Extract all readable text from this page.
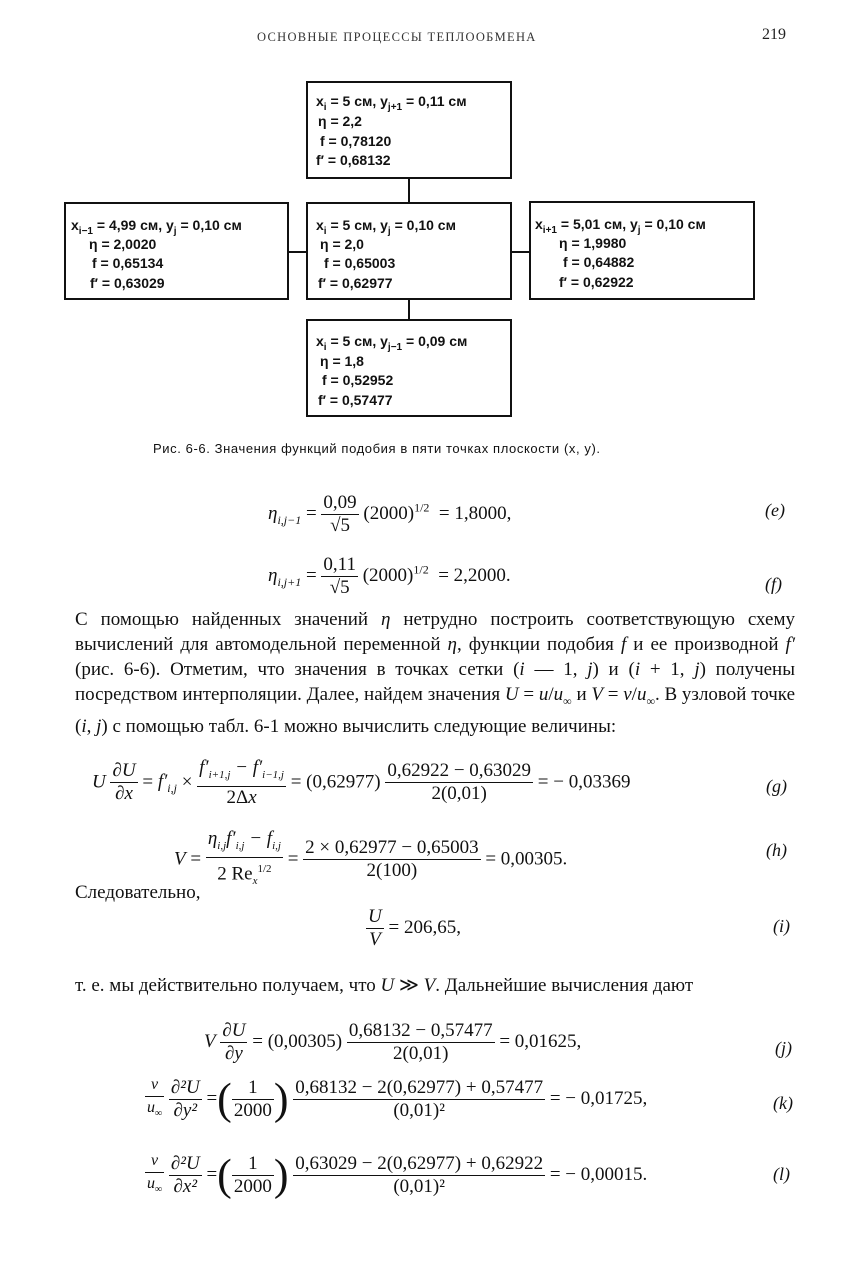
ОСНОВНЫЕ ПРОЦЕССЫ ТЕПЛООБМЕНА	219
$x_i = 5$ см, $y_{j+1} = 0,11$ см
η = 2,2
f = 0,78120
f′ = 0,68132
$x_{i-1} = 4,99$ см, $y_j = 0,10$ см
η = 2,0020
f = 0,65134
f′ = 0,63029
$x_i = 5$ см, $y_j = 0,10$ см
η = 2,0
f = 0,65003
f′ = 0,62977
$x_{i+1} = 5,01$ см, $y_j = 0,10$ см
η = 1,9980
f = 0,64882
f′ = 0,62922
$x_i = 5$ см, $y_{j-1} = 0,09$ см
η = 1,8
f = 0,52952
f′ = 0,57477
Рис. 6-6. Значения функций подобия в пяти точках плоскости (x, y).
$\eta_{i,j-1} = \frac{0,09}{√5} (2000)^{1/2} = 1,8000$,	(e)
$\eta_{i,j+1} = \frac{0,11}{√5} (2000)^{1/2} = 2,2000$.	(f)
С помощью найденных значений η нетрудно построить соответствующую схему вычислений для автомодельной переменной η, функции подобия f и ее производной f′ (рис. 6-6). Отметим, что значения в точках сетки (i — 1, j) и (i + 1, j) получены посредством интерполяции. Далее, найдем значения $U = u/u_\infty$ и $V = v/u_\infty$. В узловой точке (i, j) с помощью табл. 6-1 можно вычислить следующие величины:
U $\frac{\partial U}{\partial x} = f'_{i,j} \times \frac{f'_{i+1,j} - f'_{i-1,j}}{2\Delta x} = (0,62977) \frac{0,62922 - 0,63029}{2(0,01)}$ = − 0,03369	(g)
$V = \frac{\eta_{i,j}f'_{i,j} - f_{i,j}}{2 Re_x^{1/2}} = \frac{2 \times 0,62977 - 0,65003}{2(100)} = 0,00305$.	(h)
Следовательно,
$\frac{U}{V} = 206,65$,	(i)
т. е. мы действительно получаем, что U ≫ V. Дальнейшие вычисления дают
V $\frac{\partial U}{\partial y} = (0,00305) \frac{0,68132 - 0,57477}{2(0,01)} = 0,01625$,	(j)
$\frac{\nu}{u_\infty}$
$\frac{\text{∂²U}}{\text{∂y²}}$ =( $\frac{1}{2000}$ ) $\frac{0,68132 - 2(0,62977) + 0,57477}{\text{(0,01)²}}$ = − 0,01725,	(k)
$\frac{\nu}{u_\infty}$
$\frac{\text{∂²U}}{\text{∂x²}}$ =( $\frac{1}{2000}$ ) $\frac{0,63029 - 2(0,62977) + 0,62922}{\text{(0,01)²}}$ = − 0,00015.	(l)
